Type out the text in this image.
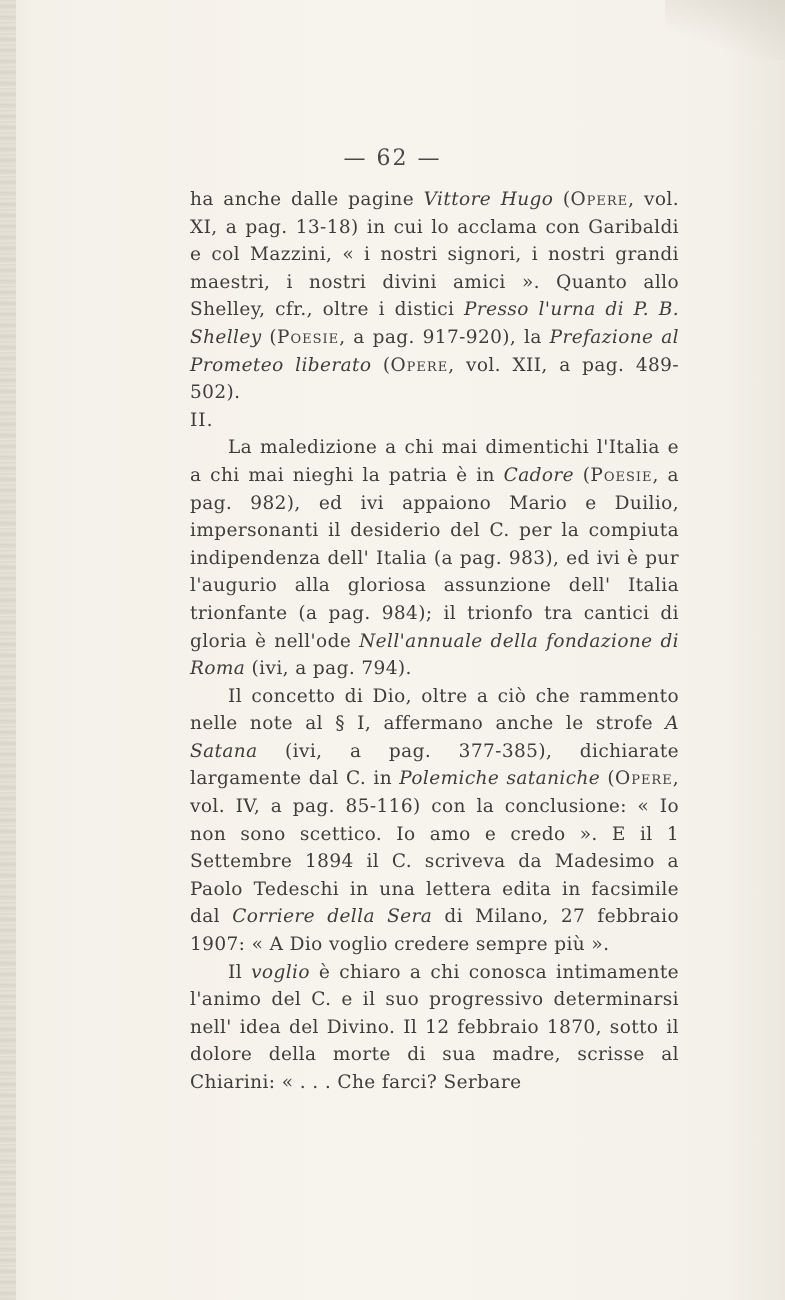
— 62 —

ha anche dalle pagine Vittore Hugo (Opere, vol. XI, a pag. 13-18) in cui lo acclama con Garibaldi e col Mazzini, « i nostri signori, i nostri grandi maestri, i nostri divini amici ». Quanto allo Shelley, cfr., oltre i distici Presso l'urna di P. B. Shelley (Poesie, a pag. 917-920), la Prefazione al Prometeo liberato (Opere, vol. XII, a pag. 489-502).

II.

La maledizione a chi mai dimentichi l'Italia e a chi mai nieghi la patria è in Cadore (Poesie, a pag. 982), ed ivi appaiono Mario e Duilio, impersonanti il desiderio del C. per la compiuta indipendenza dell' Italia (a pag. 983), ed ivi è pur l'augurio alla gloriosa assunzione dell' Italia trionfante (a pag. 984); il trionfo tra cantici di gloria è nell'ode Nell'annuale della fondazione di Roma (ivi, a pag. 794).

Il concetto di Dio, oltre a ciò che rammento nelle note al § I, affermano anche le strofe A Satana (ivi, a pag. 377-385), dichiarate largamente dal C. in Polemiche sataniche (Opere, vol. IV, a pag. 85-116) con la conclusione: « Io non sono scettico. Io amo e credo ». E il 1 Settembre 1894 il C. scriveva da Madesimo a Paolo Tedeschi in una lettera edita in facsimile dal Corriere della Sera di Milano, 27 febbraio 1907: « A Dio voglio credere sempre più ».

Il voglio è chiaro a chi conosca intimamente l'animo del C. e il suo progressivo determinarsi nell' idea del Divino. Il 12 febbraio 1870, sotto il dolore della morte di sua madre, scrisse al Chiarini: « . . . Che farci? Serbare
